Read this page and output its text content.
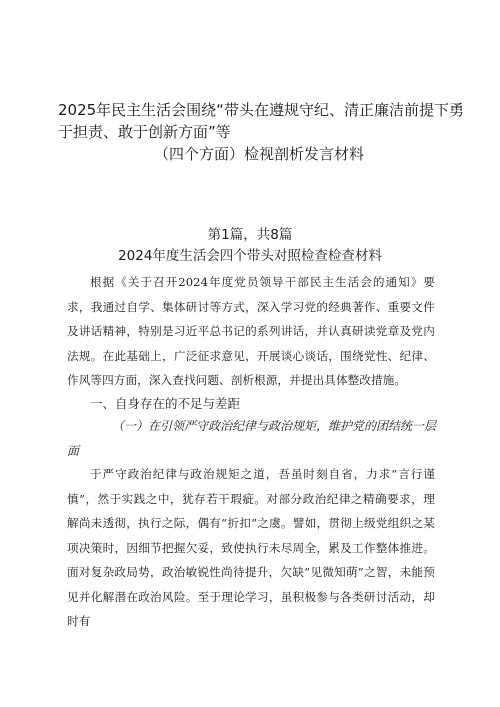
2025年民主生活会围绕“带头在遵规守纪、清正廉洁前提下勇
于担责、敢于创新方面”等
（四个方面）检视剖析发言材料
第1篇，共8篇
2024年度生活会四个带头对照检查检查材料
根据《关于召开2024年度党员领导干部民主生活会的通知》要求，我通过自学、集体研讨等方式，深入学习党的经典著作、重要文件及讲话精神，特别是习近平总书记的系列讲话，并认真研读党章及党内法规。在此基础上，广泛征求意见，开展谈心谈话，围绕党性、纪律、作风等四方面，深入查找问题、剖析根源，并提出具体整改措施。
一、自身存在的不足与差距
（一）在引领严守政治纪律与政治规矩，维护党的团结统一层面
于严守政治纪律与政治规矩之道，吾虽时刻自省，力求“言行谨慎”，然于实践之中，犹存若干瑕疵。对部分政治纪律之精确要求，理解尚未透彻，执行之际，偶有“折扣”之虞。譬如，贯彻上级党组织之某项决策时，因细节把握欠妥，致使执行未尽周全，累及工作整体推进。面对复杂政局势，政治敏锐性尚待提升，欠缺“见微知萌”之智，未能预见并化解潜在政治风险。至于理论学习，虽积极参与各类研讨活动，却时有
